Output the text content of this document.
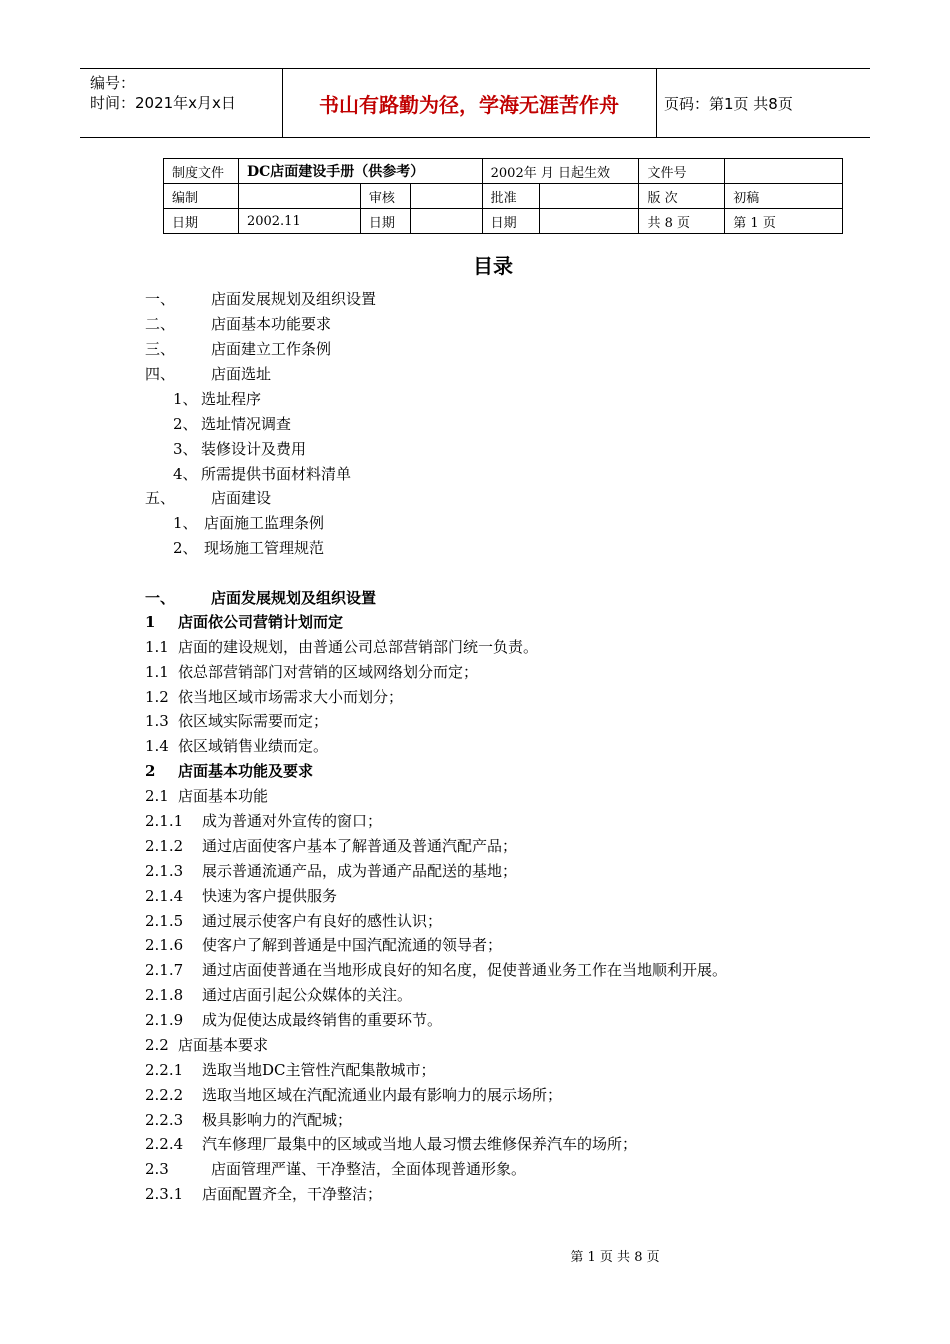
编号：
时间：2021年x月x日	书山有路勤为径，学海无涯苦作舟	页码：第1页 共8页
制度文件	DC店面建设手册（供参考）			2002年 月 日起生效		文件号	
编制		审核		批准		版 次	初稿
日期	2002.11	日期		日期		共 8 页	第 1 页
目录
一、 店面发展规划及组织设置
二、 店面基本功能要求
三、 店面建立工作条例
四、 店面选址
1、 选址程序
2、 选址情况调查
3、 装修设计及费用
4、 所需提供书面材料清单
五、 店面建设
1、 店面施工监理条例
2、 现场施工管理规范
一、 店面发展规划及组织设置
1 店面依公司营销计划而定
1.1 店面的建设规划，由普通公司总部营销部门统一负责。
1.1 依总部营销部门对营销的区域网络划分而定；
1.2 依当地区域市场需求大小而划分；
1.3 依区域实际需要而定；
1.4 依区域销售业绩而定。
2 店面基本功能及要求
2.1 店面基本功能
2.1.1 成为普通对外宣传的窗口；
2.1.2 通过店面使客户基本了解普通及普通汽配产品；
2.1.3 展示普通流通产品，成为普通产品配送的基地；
2.1.4 快速为客户提供服务
2.1.5 通过展示使客户有良好的感性认识；
2.1.6 使客户了解到普通是中国汽配流通的领导者；
2.1.7 通过店面使普通在当地形成良好的知名度，促使普通业务工作在当地顺利开展。
2.1.8 通过店面引起公众媒体的关注。
2.1.9 成为促使达成最终销售的重要环节。
2.2 店面基本要求
2.2.1 选取当地DC主管性汽配集散城市；
2.2.2 选取当地区域在汽配流通业内最有影响力的展示场所；
2.2.3 极具影响力的汽配城；
2.2.4 汽车修理厂最集中的区域或当地人最习惯去维修保养汽车的场所；
2.3	店面管理严谨、干净整洁，全面体现普通形象。
2.3.1 店面配置齐全，干净整洁；
第 1 页 共 8 页
